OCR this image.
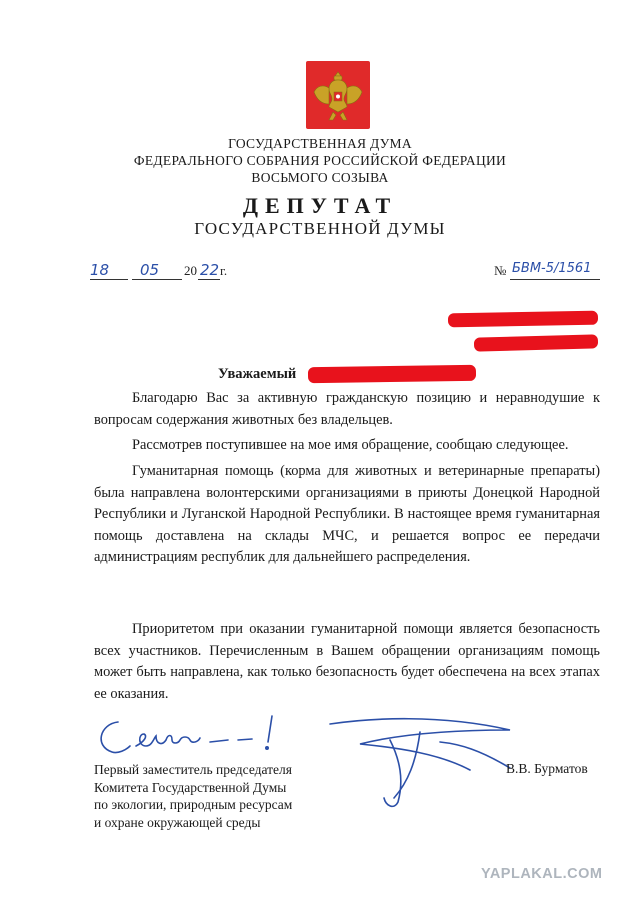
ГОСУДАРСТВЕННАЯ ДУМА
ФЕДЕРАЛЬНОГО СОБРАНИЯ РОССИЙСКОЙ ФЕДЕРАЦИИ
ВОСЬМОГО СОЗЫВА
ДЕПУТАТ
ГОСУДАРСТВЕННОЙ ДУМЫ
18 05 20 22 г.	№ БВМ-5/1561
Уважаемый

Благодарю Вас за активную гражданскую позицию и неравнодушие к вопросам содержания животных без владельцев.

Рассмотрев поступившее на мое имя обращение, сообщаю следующее.

Гуманитарная помощь (корма для животных и ветеринарные препараты) была направлена волонтерскими организациями в приюты Донецкой Народной Республики и Луганской Народной Республики. В настоящее время гуманитарная помощь доставлена на склады МЧС, и решается вопрос ее передачи администрациям республик для дальнейшего распределения.

Приоритетом при оказании гуманитарной помощи является безопасность всех участников. Перечисленным в Вашем обращении организациям помощь может быть направлена, как только безопасность будет обеспечена на всех этапах ее оказания.

Первый заместитель председателя
Комитета Государственной Думы
по экологии, природным ресурсам
и охране окружающей среды
В.В. Бурматов
YAPLAKAL.COM
